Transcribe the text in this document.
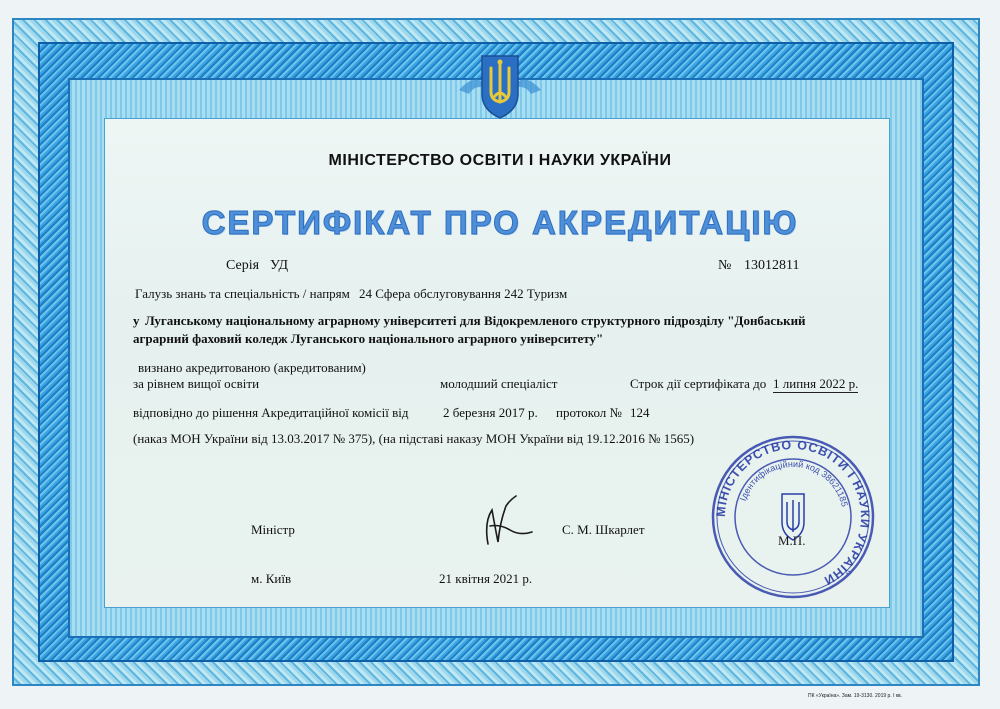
МІНІСТЕРСТВО ОСВІТИ І НАУКИ УКРАЇНИ
СЕРТИФІКАТ ПРО АКРЕДИТАЦІЮ
Серія УД	№ 13012811
Галузь знань та спеціальність / напрям 24 Сфера обслуговування 242 Туризм
у Луганському національному аграрному університеті для Відокремленого структурного підрозділу "Донбаський
аграрний фаховий коледж Луганського національного аграрного університету"
визнано акредитованою (акредитованим)
за рівнем вищої освіти	молодший спеціаліст	Строк дії сертифіката до 1 липня 2022 р.
відповідно до рішення Акредитаційної комісії від	2 березня 2017 р. протокол № 124
(наказ МОН України від 13.03.2017 № 375), (на підставі наказу МОН України від 19.12.2016 № 1565)
Міністр	С. М. Шкарлет
м. Київ	21 квітня 2021 р.
МІНІСТЕРСТВО ОСВІТИ І НАУКИ УКРАЇНИ
Ідентифікаційний код 38621185
М.П.
ПК «Україна». Зам. 19-3130. 2019 р. I кв.
